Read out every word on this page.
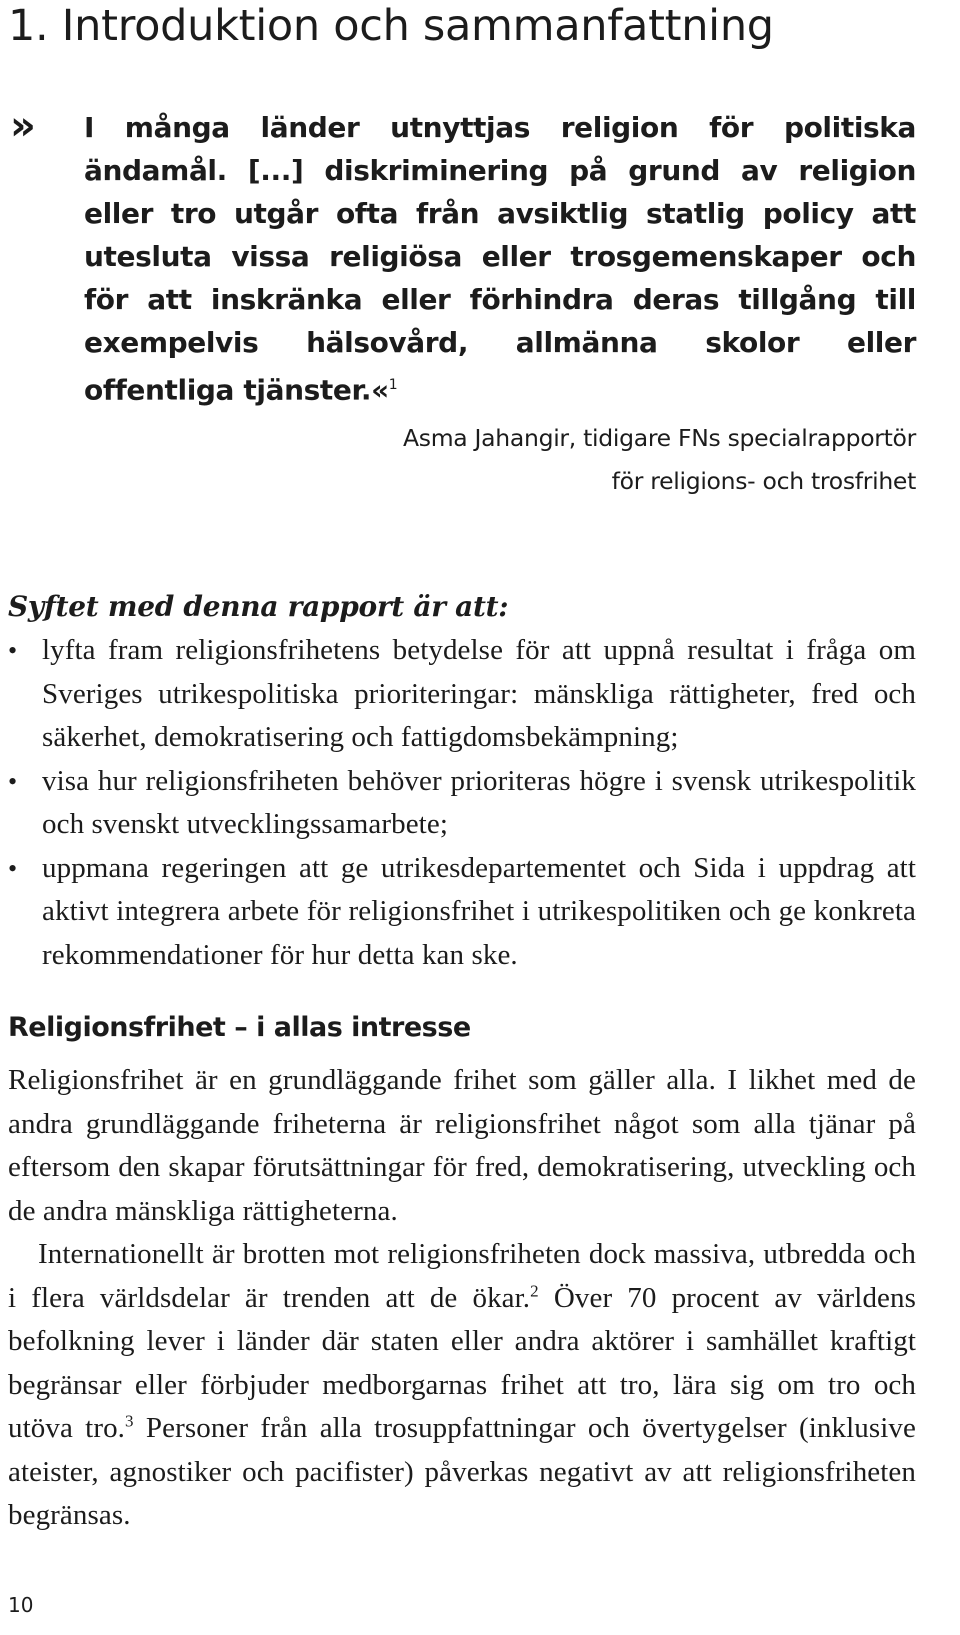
1. Introduktion och sammanfattning
» I många länder utnyttjas religion för politiska ändamål. [...] diskriminering på grund av religion eller tro utgår ofta från avsiktlig statlig policy att utesluta vissa religiösa eller trosgemenskaper och för att inskränka eller förhindra deras tillgång till exempelvis hälsovård, allmänna skolor eller offentliga tjänster.«$^1$
Asma Jahangir, tidigare FNs specialrapportör
för religions- och trosfrihet
Syftet med denna rapport är att:
• lyfta fram religionsfrihetens betydelse för att uppnå resultat i fråga om Sveriges utrikespolitiska prioriteringar: mänskliga rättigheter, fred och säkerhet, demokratisering och fattigdomsbekämpning;
• visa hur religionsfriheten behöver prioriteras högre i svensk utrikespolitik och svenskt utvecklingssamarbete;
• uppmana regeringen att ge utrikesdepartementet och Sida i uppdrag att aktivt integrera arbete för religionsfrihet i utrikespolitiken och ge konkreta rekommendationer för hur detta kan ske.
Religionsfrihet – i allas intresse

Religionsfrihet är en grundläggande frihet som gäller alla. I likhet med de andra grundläggande friheterna är religionsfrihet något som alla tjänar på eftersom den skapar förutsättningar för fred, demokratisering, utveckling och de andra mänskliga rättigheterna.

Internationellt är brotten mot religionsfriheten dock massiva, utbredda och i flera världsdelar är trenden att de ökar.$^2$ Över 70 procent av världens befolkning lever i länder där staten eller andra aktörer i samhället kraftigt begränsar eller förbjuder medborgarnas frihet att tro, lära sig om tro och utöva tro.$^3$ Personer från alla trosuppfattningar och övertygelser (inklusive ateister, agnostiker och pacifister) påverkas negativt av att religionsfriheten begränsas.

10
